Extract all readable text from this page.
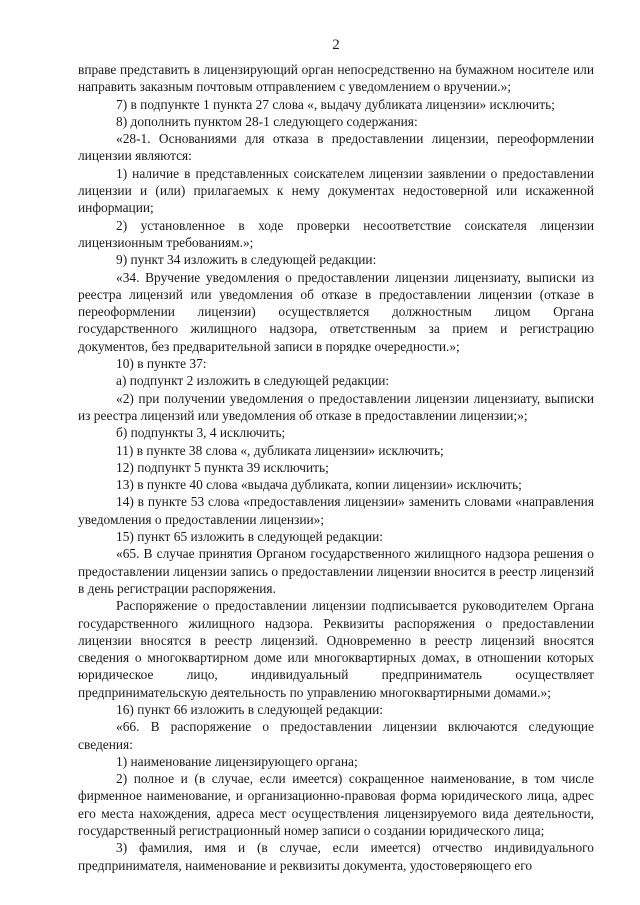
2

вправе представить в лицензирующий орган непосредственно на бумажном носителе или направить заказным почтовым отправлением с уведомлением о вручении.»;

7) в подпункте 1 пункта 27 слова «, выдачу дубликата лицензии» исключить;

8) дополнить пунктом 28-1 следующего содержания:

«28-1. Основаниями для отказа в предоставлении лицензии, переоформлении лицензии являются:

1) наличие в представленных соискателем лицензии заявлении о предоставлении лицензии и (или) прилагаемых к нему документах недостоверной или искаженной информации;

2) установленное в ходе проверки несоответствие соискателя лицензии лицензионным требованиям.»;

9) пункт 34 изложить в следующей редакции:

«34. Вручение уведомления о предоставлении лицензии лицензиату, выписки из реестра лицензий или уведомления об отказе в предоставлении лицензии (отказе в переоформлении лицензии) осуществляется должностным лицом Органа государственного жилищного надзора, ответственным за прием и регистрацию документов, без предварительной записи в порядке очередности.»;

10) в пункте 37:

а) подпункт 2 изложить в следующей редакции:

«2) при получении уведомления о предоставлении лицензии лицензиату, выписки из реестра лицензий или уведомления об отказе в предоставлении лицензии;»;

б) подпункты 3, 4 исключить;

11) в пункте 38 слова «, дубликата лицензии» исключить;

12) подпункт 5 пункта 39 исключить;

13) в пункте 40 слова «выдача дубликата, копии лицензии» исключить;

14) в пункте 53 слова «предоставления лицензии» заменить словами «направления уведомления о предоставлении лицензии»;

15) пункт 65 изложить в следующей редакции:

«65. В случае принятия Органом государственного жилищного надзора решения о предоставлении лицензии запись о предоставлении лицензии вносится в реестр лицензий в день регистрации распоряжения.

Распоряжение о предоставлении лицензии подписывается руководителем Органа государственного жилищного надзора. Реквизиты распоряжения о предоставлении лицензии вносятся в реестр лицензий. Одновременно в реестр лицензий вносятся сведения о многоквартирном доме или многоквартирных домах, в отношении которых юридическое лицо, индивидуальный предприниматель осуществляет предпринимательскую деятельность по управлению многоквартирными домами.»;

16) пункт 66 изложить в следующей редакции:

«66. В распоряжение о предоставлении лицензии включаются следующие сведения:

1) наименование лицензирующего органа;

2) полное и (в случае, если имеется) сокращенное наименование, в том числе фирменное наименование, и организационно-правовая форма юридического лица, адрес его места нахождения, адреса мест осуществления лицензируемого вида деятельности, государственный регистрационный номер записи о создании юридического лица;

3) фамилия, имя и (в случае, если имеется) отчество индивидуального предпринимателя, наименование и реквизиты документа, удостоверяющего его
